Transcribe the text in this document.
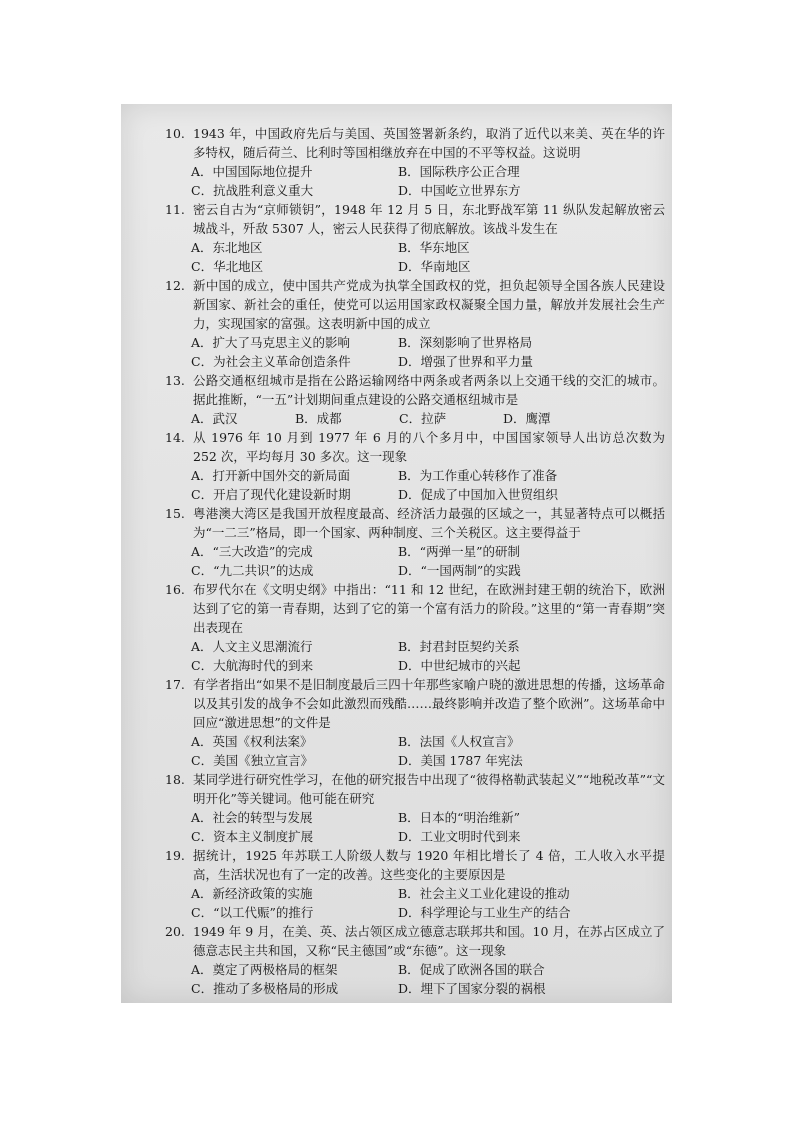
10. 1943 年，中国政府先后与美国、英国签署新条约，取消了近代以来美、英在华的许多特权，随后荷兰、比利时等国相继放弃在中国的不平等权益。这说明
A．中国国际地位提升	B．国际秩序公正合理
C．抗战胜利意义重大	D．中国屹立世界东方
11. 密云自古为“京师锁钥”，1948 年 12 月 5 日，东北野战军第 11 纵队发起解放密云城战斗，歼敌 5307 人，密云人民获得了彻底解放。该战斗发生在
A．东北地区	B．华东地区
C．华北地区	D．华南地区
12. 新中国的成立，使中国共产党成为执掌全国政权的党，担负起领导全国各族人民建设新国家、新社会的重任，使党可以运用国家政权凝聚全国力量，解放并发展社会生产力，实现国家的富强。这表明新中国的成立
A．扩大了马克思主义的影响	B．深刻影响了世界格局
C．为社会主义革命创造条件	D．增强了世界和平力量
13. 公路交通枢纽城市是指在公路运输网络中两条或者两条以上交通干线的交汇的城市。据此推断，“一五”计划期间重点建设的公路交通枢纽城市是
A．武汉	B．成都	C．拉萨	D．鹰潭
14. 从 1976 年 10 月到 1977 年 6 月的八个多月中，中国国家领导人出访总次数为 252 次，平均每月 30 多次。这一现象
A．打开新中国外交的新局面	B．为工作重心转移作了准备
C．开启了现代化建设新时期	D．促成了中国加入世贸组织
15. 粤港澳大湾区是我国开放程度最高、经济活力最强的区域之一，其显著特点可以概括为“一二三”格局，即一个国家、两种制度、三个关税区。这主要得益于
A．“三大改造”的完成	B．“两弹一星”的研制
C．“九二共识”的达成	D．“一国两制”的实践
16. 布罗代尔在《文明史纲》中指出：“11 和 12 世纪，在欧洲封建王朝的统治下，欧洲达到了它的第一青春期，达到了它的第一个富有活力的阶段。”这里的“第一青春期”突出表现在
A．人文主义思潮流行	B．封君封臣契约关系
C．大航海时代的到来	D．中世纪城市的兴起
17. 有学者指出“如果不是旧制度最后三四十年那些家喻户晓的激进思想的传播，这场革命以及其引发的战争不会如此激烈而残酷……最终影响并改造了整个欧洲”。这场革命中回应“激进思想”的文件是
A．英国《权利法案》	B．法国《人权宣言》
C．美国《独立宣言》	D．美国 1787 年宪法
18. 某同学进行研究性学习，在他的研究报告中出现了“彼得格勒武装起义”“地税改革”“文明开化”等关键词。他可能在研究
A．社会的转型与发展	B．日本的“明治维新”
C．资本主义制度扩展	D．工业文明时代到来
19. 据统计，1925 年苏联工人阶级人数与 1920 年相比增长了 4 倍，工人收入水平提高，生活状况也有了一定的改善。这些变化的主要原因是
A．新经济政策的实施	B．社会主义工业化建设的推动
C．“以工代赈”的推行	D．科学理论与工业生产的结合
20. 1949 年 9 月，在美、英、法占领区成立德意志联邦共和国。10 月，在苏占区成立了德意志民主共和国，又称“民主德国”或“东德”。这一现象
A．奠定了两极格局的框架	B．促成了欧洲各国的联合
C．推动了多极格局的形成	D．埋下了国家分裂的祸根
